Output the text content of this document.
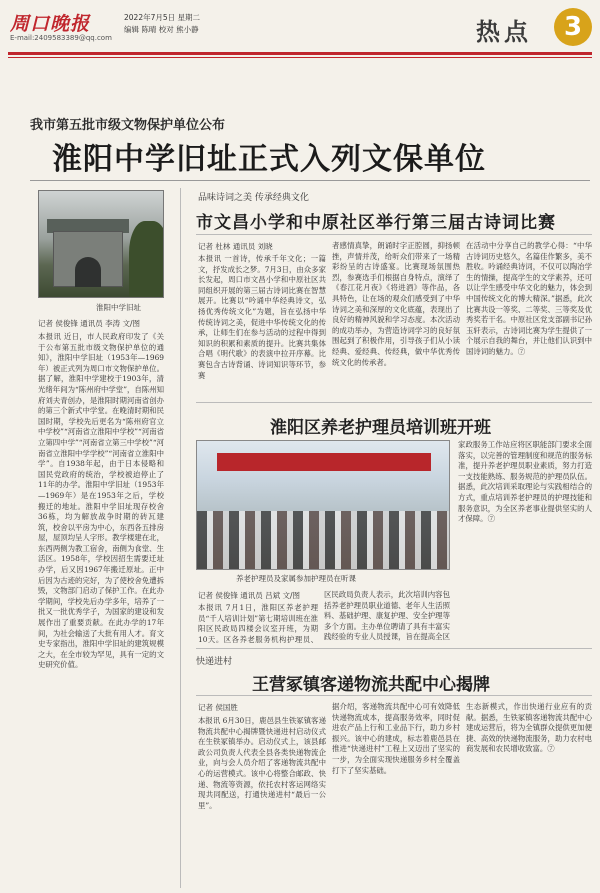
周口晚报
E-mail:2409583389@qq.com
2022年7月5日 星期二
编辑 陈晴 校对 熊小静	热点	3
我市第五批市级文物保护单位公布
淮阳中学旧址正式入列文保单位
淮阳中学旧址
记者 侯俊锋 通讯员 李涛 文/图
本报讯 近日，市人民政府印发了《关于公布第五批市级文物保护单位的通知》，淮阳中学旧址（1953年—1969年）被正式列为周口市文物保护单位。据了解，淮阳中学建校于1903年，清光绪年间为“陈州府中学堂”，自陈州知府刘夫青创办，是淮阳时期河南省创办的第三个新式中学堂。在晚清时期和民国时期，学校先后更名为“陈州府官立中学校”“河南省立淮阳中学校”“河南省立第四中学”“河南省立第三中学校”“河南省立淮阳中学学校”“河南省立淮阳中学”。自1938年起，由于日本侵略和国民党政府的统治，学校被迫停止了11年的办学。淮阳中学旧址（1953年—1969年）是在1953年之后，学校搬迁的地址。淮阳中学旧址现存校舍36栋，均为解放战争时期的砖瓦建筑，校舍以平房为中心，东西各五排房屋，屋顶均呈人字形。教学楼建在北，东西两侧为教工宿舍，南侧为食堂、生活区。1958年，学校因招生需要迁址办学，后又因1967年搬迁原址。正中后因为古迹的完好，为了使校舍免遭拆毁，文物部门启动了保护工作。在此办学期间，学校先后办学多年，培养了一批又一批优秀学子，为国家的建设和发展作出了重要贡献。在此办学的17年间，为社会输送了大批有用人才。育文史专家指出，淮阳中学旧址的建筑规模之大，在全市较为罕见，具有一定的文史研究价值。
品味诗词之美 传承经典文化
市文昌小学和中原社区举行第三届古诗词比赛
记者 杜林 通讯员 刘晓
本报讯 一首诗，传承千年文化；一篇文，抒发成长之梦。7月3日，由众多家长发起，周口市文昌小学和中原社区共同组织开展的第三届古诗词比赛在智慧展开。比赛以“吟诵中华经典诗文，弘扬优秀传统文化”为题，旨在弘扬中华传统诗词之美，促进中华传统文化的传承，让师生们在参与活动的过程中得到知识的积累和素质的提升。比赛共集体合唱《明代歌》的表演中拉开序幕。比赛包含古诗背诵、诗词知识等环节，参赛
者感情真挚，朗诵时字正腔圆，抑扬顿挫，声情并茂，给听众们带来了一场精彩纷呈的古诗盛宴。比赛现场氛围热烈，参赛选手们根据自身特点，演绎了《春江花月夜》《将进酒》等作品，各具特色，让在场的观众们感受到了中华诗词之美和深厚的文化底蕴，表现出了良好的精神风貌和学习态度。本次活动的成功举办，为营造诗词学习的良好氛围起到了积极作用，引导孩子们从小读经典、爱经典、传经典，做中华优秀传统文化的传承者。
在活动中分享自己的教学心得：“中华古诗词历史悠久，名篇佳作繁多，美不胜收。吟诵经典诗词，不仅可以陶冶学生的情操，提高学生的文学素养，还可以让学生感受中华文化的魅力，体会到中国传统文化的博大精深。”据悉，此次比赛共设一等奖、二等奖、三等奖及优秀奖若干名。中原社区党支部副书记孙玉轩表示，古诗词比赛为学生提供了一个展示自我的舞台，并让他们认识到中国诗词的魅力。⑦
淮阳区养老护理员培训班开班
养老护理员及家属参加护理员在听课
家政服务工作站应将区职能部门要求全面落实，以完善的管理制度和规范的服务标准，提升养老护理员职业素质，努力打造一支技能熟练、服务规范的护理员队伍。据悉，此次培训采取理论与实践相结合的方式，重点培训养老护理员的护理技能和服务意识，为全区养老事业提供坚实的人才保障。⑦
记者 侯俊锋 通讯员 吕斌 文/图
本报讯 7月1日，淮阳区养老护理员“千人培训计划”第七期培训班在淮阳区民政局四楼会议室开班，为期10天。区各养老服务机构护理员、
区民政局负责人表示，此次培训内容包括养老护理员职业道德、老年人生活照料、基础护理、康复护理、安全护理等多个方面。主办单位聘请了具有丰富实践经验的专业人员授课，旨在提高全区
快递进村
王营冢镇客递物流共配中心揭牌
记者 侯国胜
本报讯 6月30日，鹿邑县生铁冢镇客递物流共配中心揭牌暨快递进村启动仪式在生铁冢镇举办。启动仪式上，该县邮政公司负责人代表全县各类快递物流企业，向与会人员介绍了客递物流共配中心的运营模式。该中心将整合邮政、快递、物流等资源，依托农村客运网络实现共同配送，打通快递进村“最后一公里”。
据介绍，客递物流共配中心可有效降低快递物流成本，提高服务效率，同时促进农产品上行和工业品下行，助力乡村振兴。该中心的建成，标志着鹿邑县在推进“快递进村”工程上又迈出了坚实的一步，为全面实现快递服务乡村全覆盖打下了坚实基础。
生态新模式，作出快递行业应有的贡献。据悉，生铁冢镇客递物流共配中心建成运营后，将为全镇群众提供更加便捷、高效的快递物流服务，助力农村电商发展和农民增收致富。⑦
